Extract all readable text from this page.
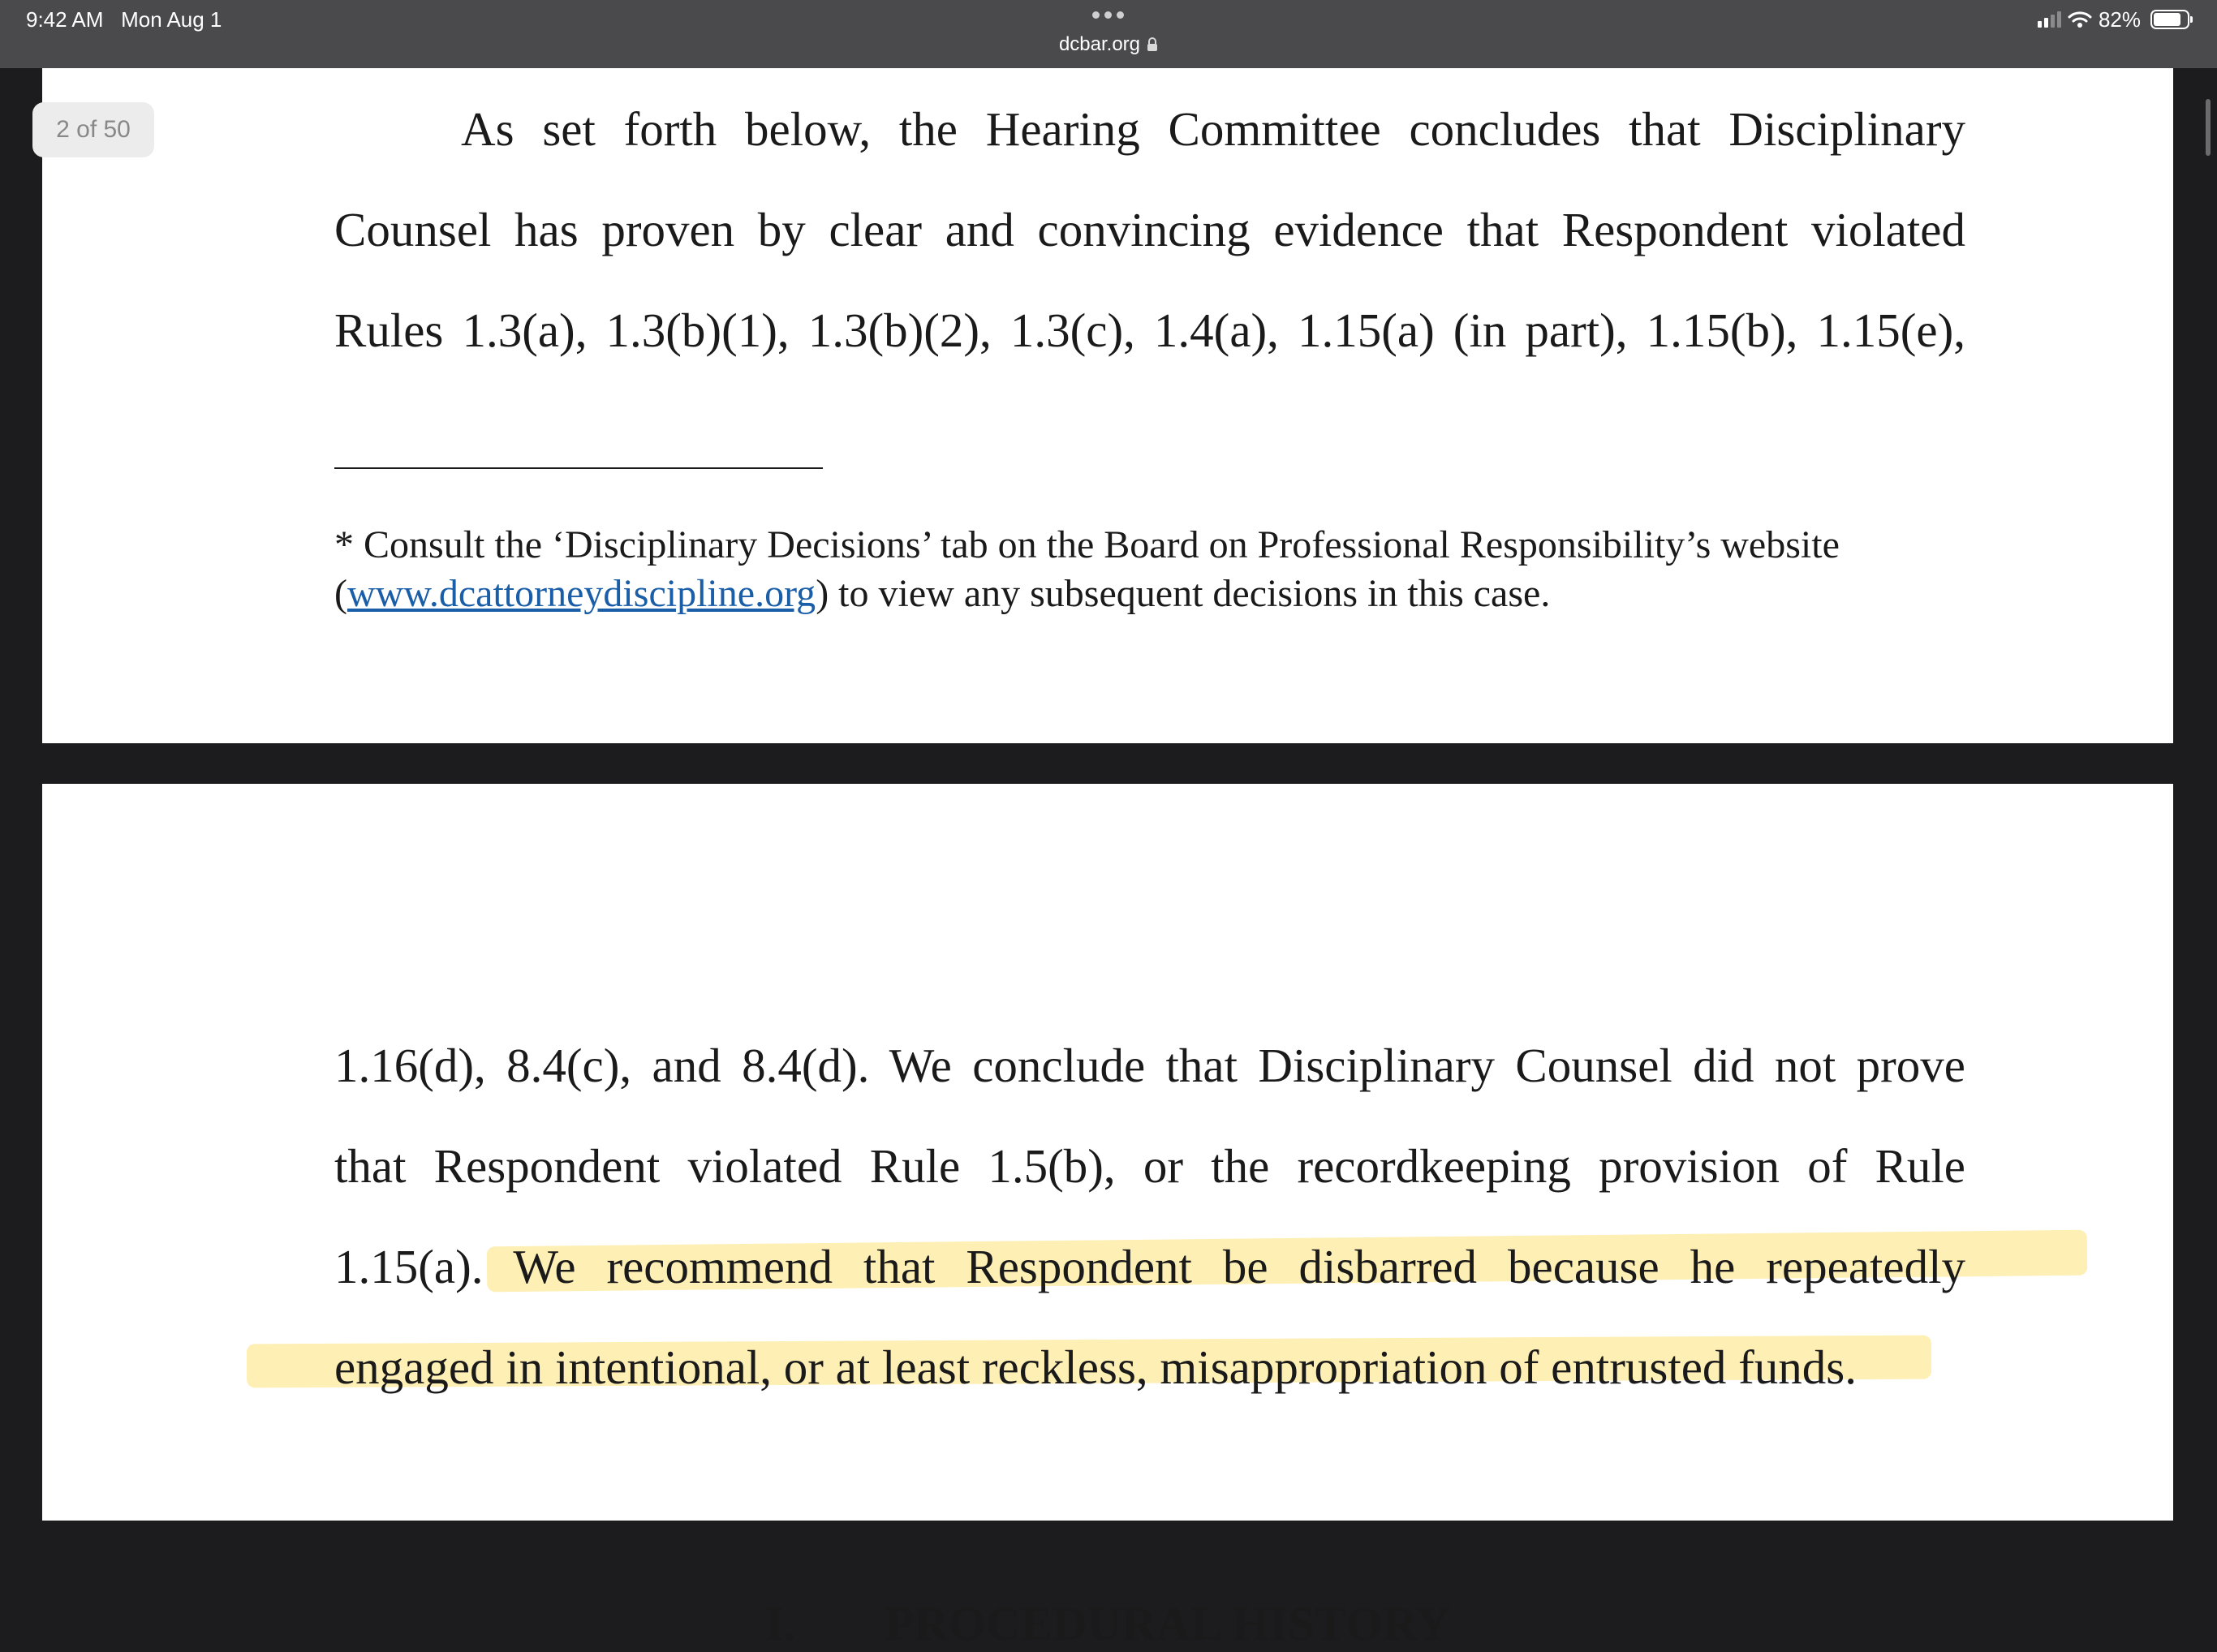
9:42 AM Mon Aug 1
dcbar.org
82%
As set forth below, the Hearing Committee concludes that Disciplinary
Counsel has proven by clear and convincing evidence that Respondent violated
Rules 1.3(a), 1.3(b)(1), 1.3(b)(2), 1.3(c), 1.4(a), 1.15(a) (in part), 1.15(b), 1.15(e),
* Consult the ‘Disciplinary Decisions’ tab on the Board on Professional Responsibility’s website
(www.dcattorneydiscipline.org) to view any subsequent decisions in this case.
1.16(d), 8.4(c), and 8.4(d). We conclude that Disciplinary Counsel did not prove
that Respondent violated Rule 1.5(b), or the recordkeeping provision of Rule
1.15(a). We recommend that Respondent be disbarred because he repeatedly
engaged in intentional, or at least reckless, misappropriation of entrusted funds.
I. PROCEDURAL HISTORY
2 of 50
